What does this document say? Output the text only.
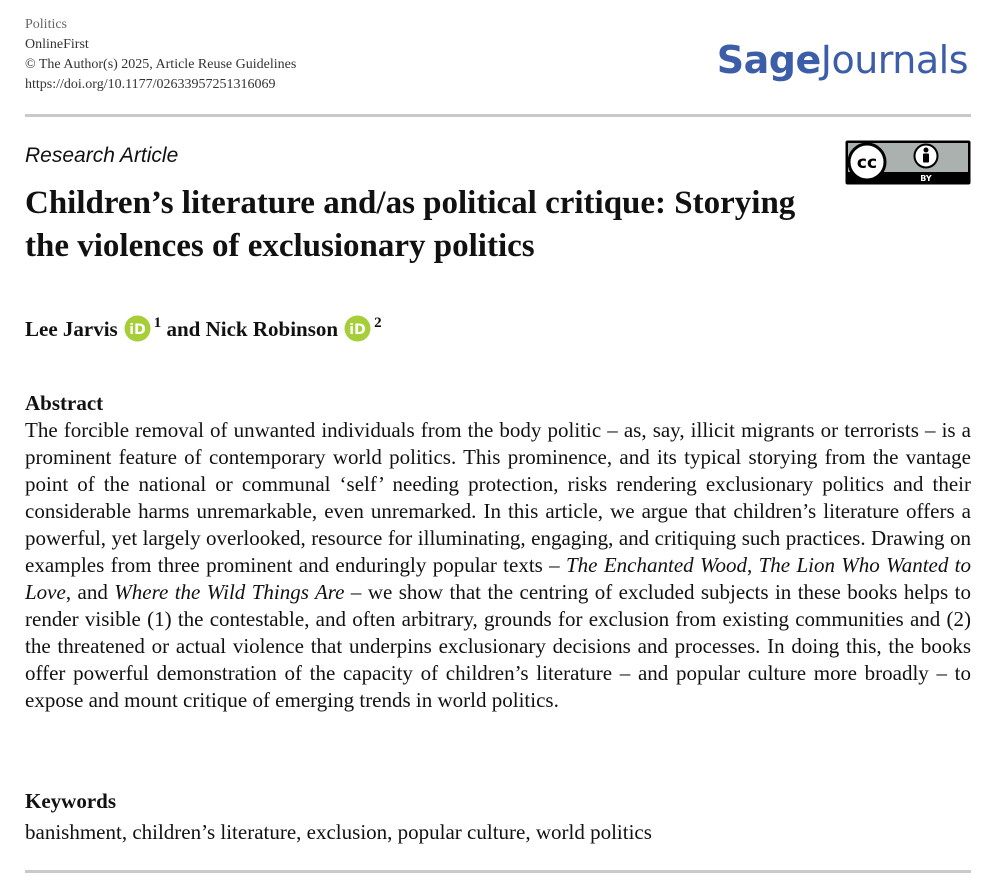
Politics
OnlineFirst
© The Author(s) 2025, Article Reuse Guidelines
https://doi.org/10.1177/02633957251316069
SageJournals
Research Article	cc
BY
Children’s literature and/as political critique: Storying the violences of exclusionary politics
Lee Jarvis iD $^1$ and Nick Robinson iD $^2$
Abstract

The forcible removal of unwanted individuals from the body politic – as, say, illicit migrants or terrorists – is a prominent feature of contemporary world politics. This prominence, and its typical storying from the vantage point of the national or communal ‘self’ needing protection, risks rendering exclusionary politics and their considerable harms unremarkable, even unremarked. In this article, we argue that children’s literature offers a powerful, yet largely overlooked, resource for illuminating, engaging, and critiquing such practices. Drawing on examples from three prominent and enduringly popular texts – The Enchanted Wood, The Lion Who Wanted to Love, and Where the Wild Things Are – we show that the centring of excluded subjects in these books helps to render visible (1) the contestable, and often arbitrary, grounds for exclusion from existing communities and (2) the threatened or actual violence that underpins exclusionary decisions and processes. In doing this, the books offer powerful demonstration of the capacity of children’s literature – and popular culture more broadly – to expose and mount critique of emerging trends in world politics.

Keywords
banishment, children’s literature, exclusion, popular culture, world politics
